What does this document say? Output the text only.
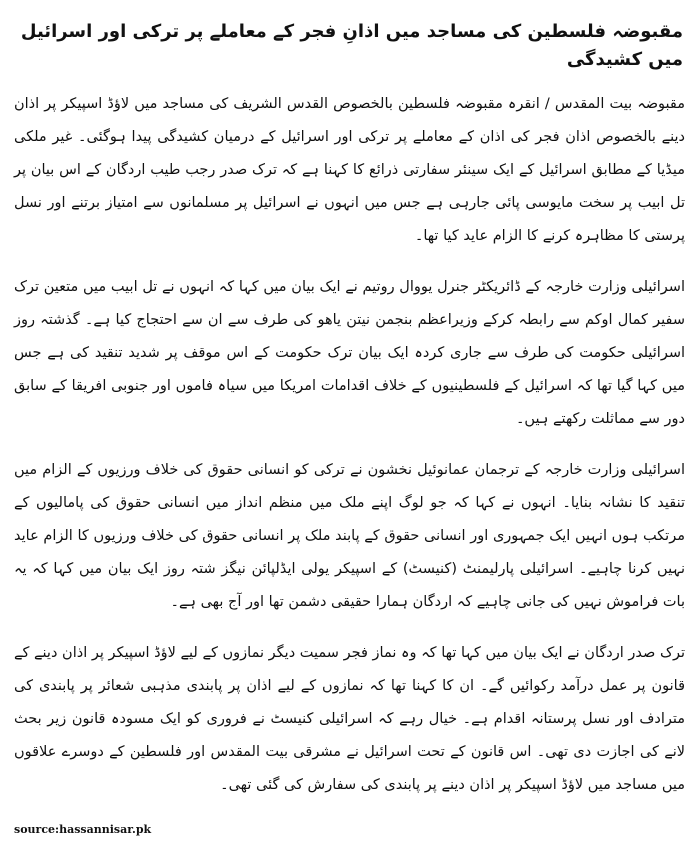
مقبوضہ فلسطین کی مساجد میں اذانِ فجر کے معاملے پر ترکی اور اسرائیل میں کشیدگی

مقبوضہ بیت المقدس / انقرہ مقبوضہ فلسطین بالخصوص القدس الشریف کی مساجد میں لاؤڈ اسپیکر پر اذان دینے بالخصوص اذان فجر کی اذان کے معاملے پر ترکی اور اسرائیل کے درمیان کشیدگی پیدا ہوگئی۔ غیر ملکی میڈیا کے مطابق اسرائیل کے ایک سینئر سفارتی ذرائع کا کہنا ہے کہ ترک صدر رجب طیب اردگان کے اس بیان پر تل ابیب پر سخت مایوسی پائی جارہی ہے جس میں انہوں نے اسرائیل پر مسلمانوں سے امتیاز برتنے اور نسل پرستی کا مظاہرہ کرنے کا الزام عاید کیا تھا۔

اسرائیلی وزارت خارجہ کے ڈائریکٹر جنرل یووال روتیم نے ایک بیان میں کہا کہ انہوں نے تل ابیب میں متعین ترک سفیر کمال اوکم سے رابطہ کرکے وزیراعظم بنجمن نیتن یاھو کی طرف سے ان سے احتجاج کیا ہے۔ گذشتہ روز اسرائیلی حکومت کی طرف سے جاری کردہ ایک بیان ترک حکومت کے اس موقف پر شدید تنقید کی ہے جس میں کہا گیا تھا کہ اسرائیل کے فلسطینیوں کے خلاف اقدامات امریکا میں سیاہ فاموں اور جنوبی افریقا کے سابق دور سے مماثلت رکھتے ہیں۔

اسرائیلی وزارت خارجہ کے ترجمان عمانوئیل نخشون نے ترکی کو انسانی حقوق کی خلاف ورزیوں کے الزام میں تنقید کا نشانہ بنایا۔ انہوں نے کہا کہ جو لوگ اپنے ملک میں منظم انداز میں انسانی حقوق کی پامالیوں کے مرتکب ہوں انہیں ایک جمہوری اور انسانی حقوق کے پابند ملک پر انسانی حقوق کی خلاف ورزیوں کا الزام عاید نہیں کرنا چاہیے۔ اسرائیلی پارلیمنٹ (کنیسٹ) کے اسپیکر یولی ایڈلپائن نیگز شتہ روز ایک بیان میں کہا کہ یہ بات فراموش نہیں کی جانی چاہیے کہ اردگان ہمارا حقیقی دشمن تھا اور آج بھی ہے۔

ترک صدر اردگان نے ایک بیان میں کہا تھا کہ وہ نماز فجر سمیت دیگر نمازوں کے لیے لاؤڈ اسپیکر پر اذان دینے کے قانون پر عمل درآمد رکوائیں گے۔ ان کا کہنا تھا کہ نمازوں کے لیے اذان پر پابندی مذہبی شعائر پر پابندی کی مترادف اور نسل پرستانہ اقدام ہے۔ خیال رہے کہ اسرائیلی کنیسٹ نے فروری کو ایک مسودہ قانون زیر بحث لانے کی اجازت دی تھی۔ اس قانون کے تحت اسرائیل نے مشرقی بیت المقدس اور فلسطین کے دوسرے علاقوں میں مساجد میں لاؤڈ اسپیکر پر اذان دینے پر پابندی کی سفارش کی گئی تھی۔

source:hassannisar.pk
